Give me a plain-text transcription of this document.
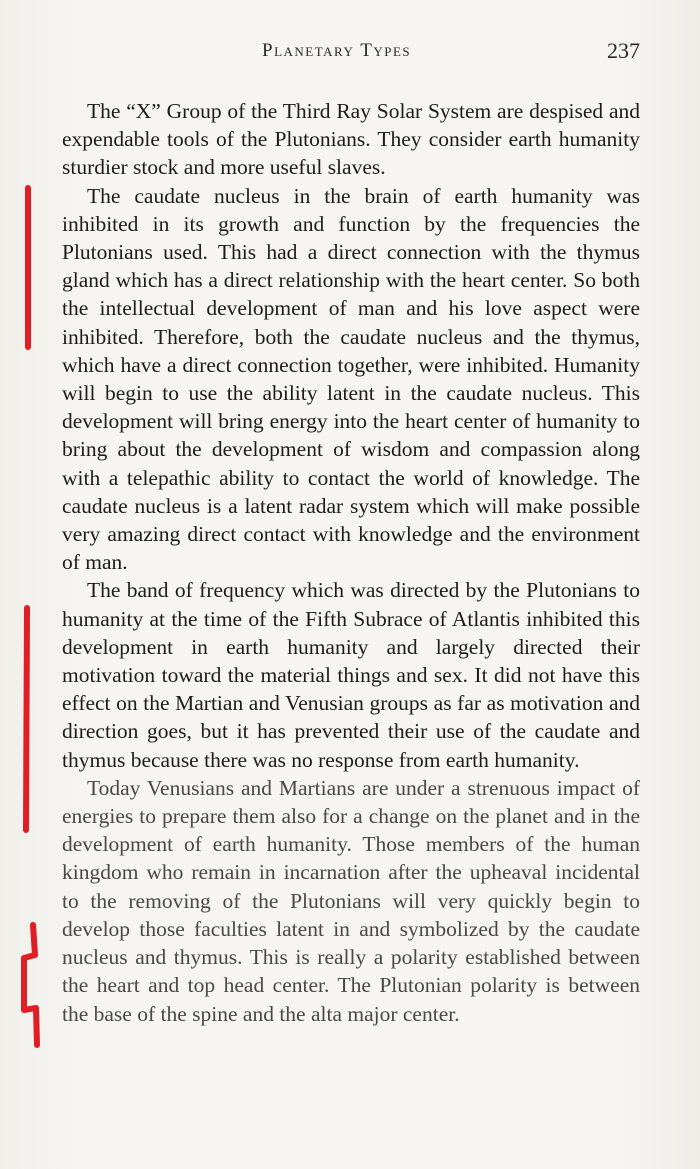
Planetary Types	237

The “X” Group of the Third Ray Solar System are despised and expendable tools of the Plutonians. They consider earth humanity sturdier stock and more useful slaves.

The caudate nucleus in the brain of earth humanity was inhibited in its growth and function by the frequencies the Plutonians used. This had a direct connection with the thymus gland which has a direct relationship with the heart center. So both the intellectual development of man and his love aspect were inhibited. Therefore, both the caudate nucleus and the thymus, which have a direct connection together, were inhibited. Humanity will begin to use the ability latent in the caudate nucleus. This development will bring energy into the heart center of humanity to bring about the development of wisdom and compassion along with a telepathic ability to contact the world of knowledge. The caudate nucleus is a latent radar system which will make possible very amazing direct contact with knowledge and the environment of man.

The band of frequency which was directed by the Plutonians to humanity at the time of the Fifth Subrace of Atlantis inhibited this development in earth humanity and largely directed their motivation toward the material things and sex. It did not have this effect on the Martian and Venusian groups as far as motivation and direction goes, but it has prevented their use of the caudate and thymus because there was no response from earth humanity.

Today Venusians and Martians are under a strenuous impact of energies to prepare them also for a change on the planet and in the development of earth humanity. Those members of the human kingdom who remain in incarnation after the upheaval incidental to the removing of the Plutonians will very quickly begin to develop those faculties latent in and symbolized by the caudate nucleus and thymus. This is really a polarity established between the heart and top head center. The Plutonian polarity is between the base of the spine and the alta major center.
